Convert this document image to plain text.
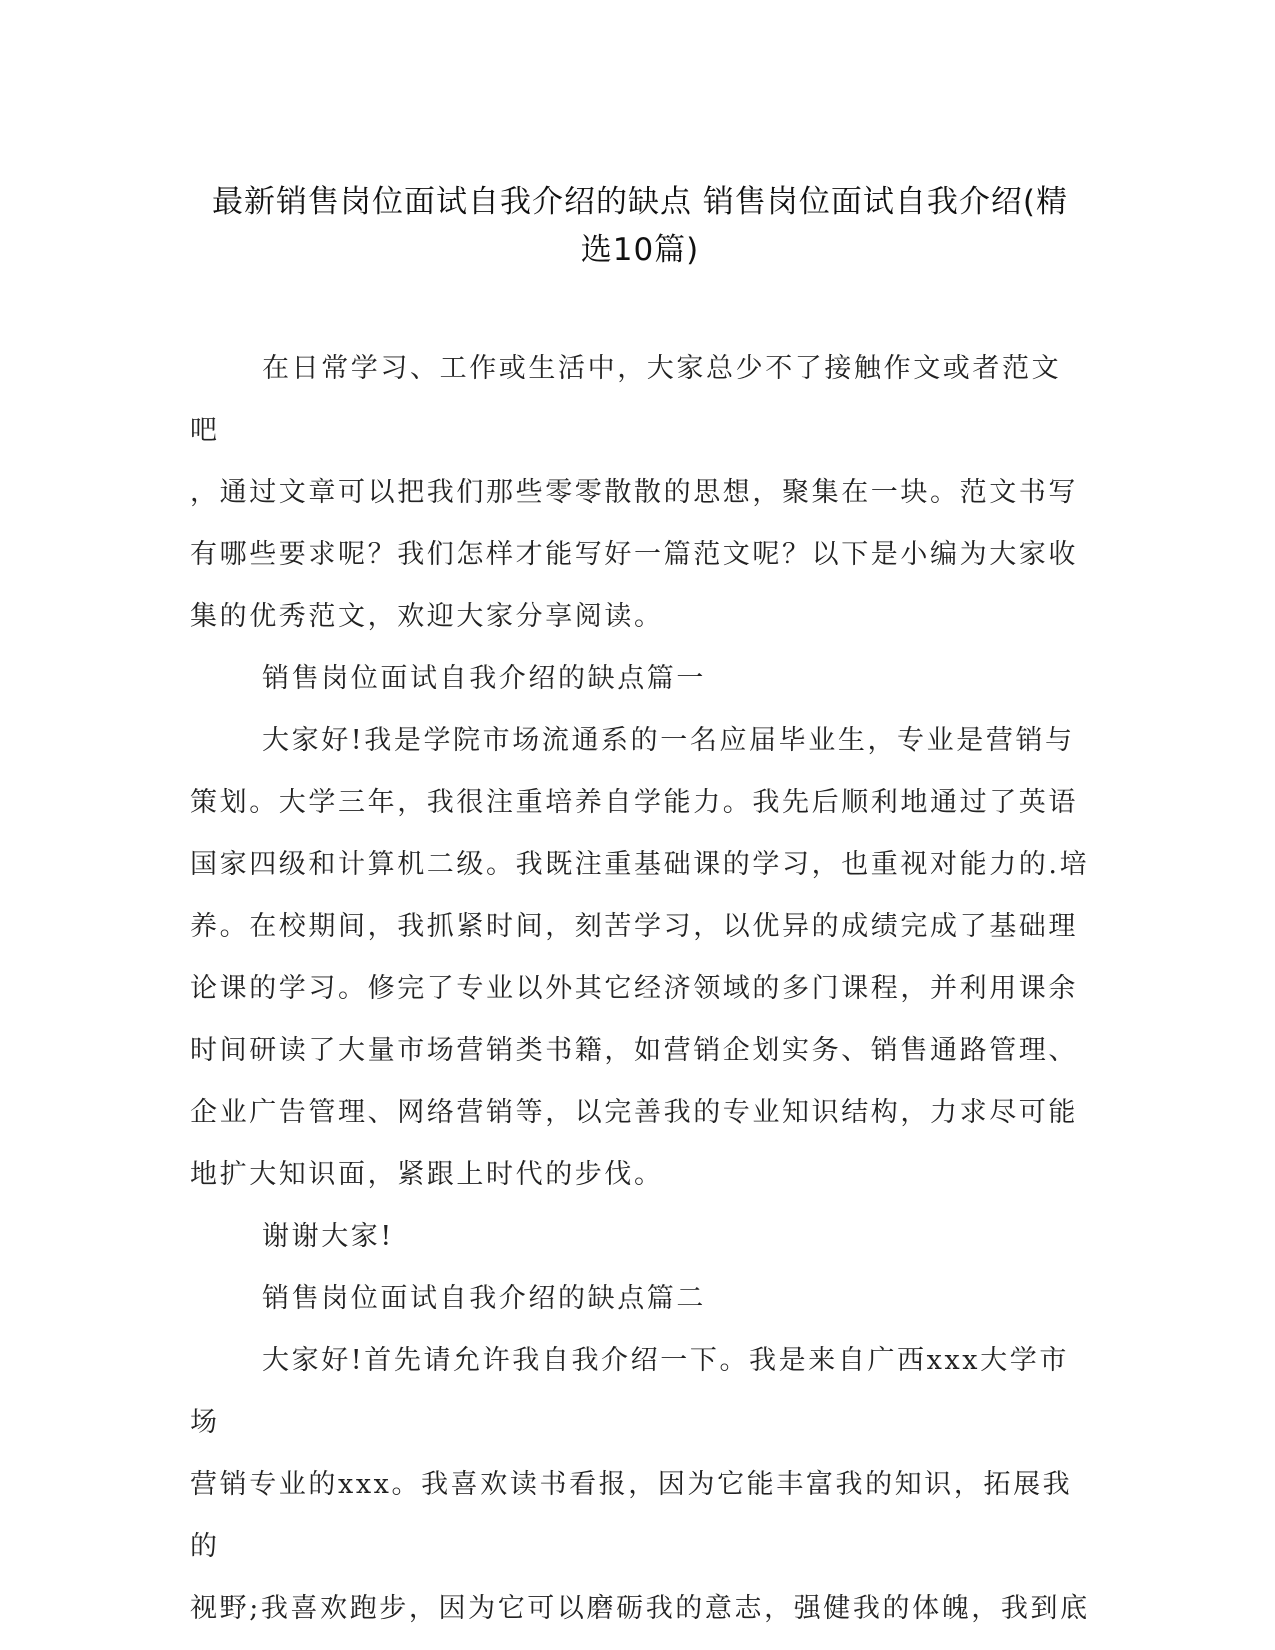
最新销售岗位面试自我介绍的缺点 销售岗位面试自我介绍(精
选10篇)

在日常学习、工作或生活中，大家总少不了接触作文或者范文吧
，通过文章可以把我们那些零零散散的思想，聚集在一块。范文书写
有哪些要求呢？我们怎样才能写好一篇范文呢？以下是小编为大家收
集的优秀范文，欢迎大家分享阅读。

销售岗位面试自我介绍的缺点篇一

大家好!我是学院市场流通系的一名应届毕业生，专业是营销与
策划。大学三年，我很注重培养自学能力。我先后顺利地通过了英语
国家四级和计算机二级。我既注重基础课的学习，也重视对能力的.培
养。在校期间，我抓紧时间，刻苦学习，以优异的成绩完成了基础理
论课的学习。修完了专业以外其它经济领域的多门课程，并利用课余
时间研读了大量市场营销类书籍，如营销企划实务、销售通路管理、
企业广告管理、网络营销等，以完善我的专业知识结构，力求尽可能
地扩大知识面，紧跟上时代的步伐。

谢谢大家!

销售岗位面试自我介绍的缺点篇二

大家好!首先请允许我自我介绍一下。我是来自广西xxx大学市场
营销专业的xxx。我喜欢读书看报，因为它能丰富我的知识，拓展我的
视野;我喜欢跑步，因为它可以磨砺我的意志，强健我的体魄，我到底
